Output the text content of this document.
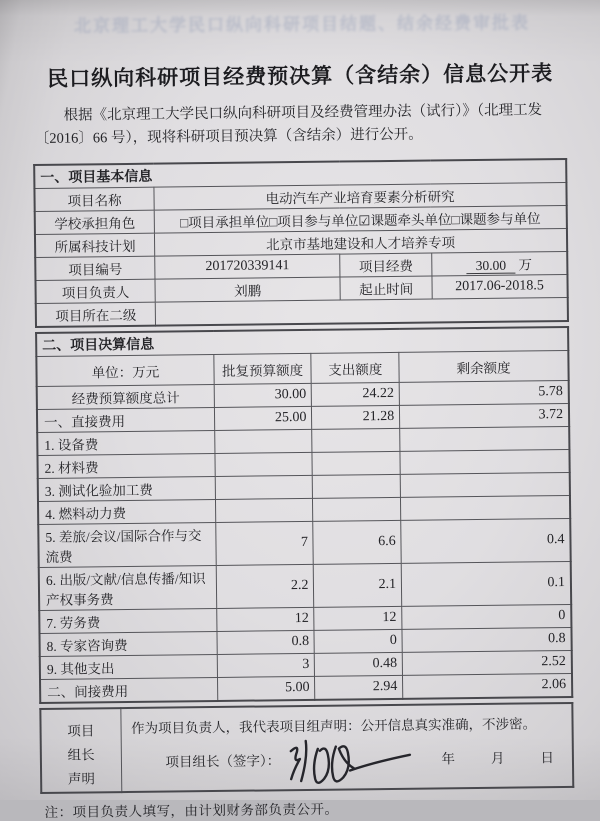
北京理工大学民口纵向科研项目结题、结余经费审批表
民口纵向科研项目经费预决算（含结余）信息公开表
根据《北京理工大学民口纵向科研项目及经费管理办法（试行）》（北理工发〔2016〕66 号），现将科研项目预决算（含结余）进行公开。
一、项目基本信息			
项目名称	电动汽车产业培育要素分析研究		
学校承担角色	□项目承担单位□项目参与单位☑课题牵头单位□课题参与单位		
所属科技计划	北京市基地建设和人才培养专项		
项目编号	201720339141	项目经费	30.00 万
项目负责人	刘鹏	起止时间	2017.06-2018.5
项目所在二级			
二、项目决算信息			
单位：万元	批复预算额度	支出额度	剩余额度
经费预算额度总计	30.00	24.22	5.78
一、直接费用	25.00	21.28	3.72
1. 设备费			
2. 材料费			
3. 测试化验加工费			
4. 燃料动力费			
5. 差旅/会议/国际合作与交流费	7	6.6	0.4
6. 出版/文献/信息传播/知识产权事务费	2.2	2.1	0.1
7. 劳务费	12	12	0
8. 专家咨询费	0.8	0	0.8
9. 其他支出	3	0.48	2.52
二、间接费用	5.00	2.94	2.06
项目
组长
声明

作为项目负责人，我代表项目组声明：公开信息真实准确，不涉密。
项目组长（签字）：	年	月	日
注：项目负责人填写，由计划财务部负责公开。
